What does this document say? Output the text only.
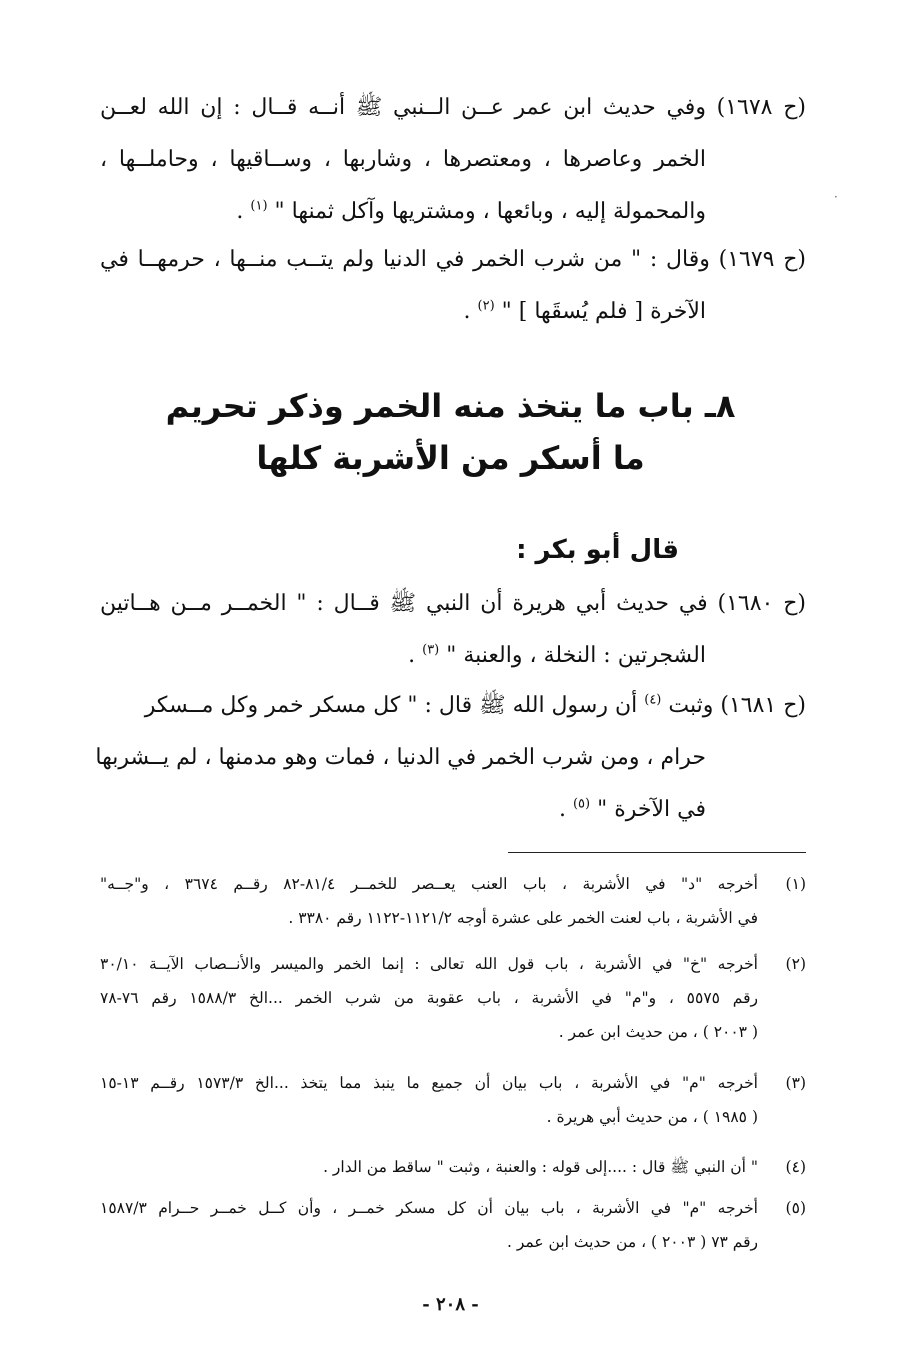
(ح ١٦٧٨) وفي حديث ابن عمر عــن الــنبي ﷺ أنــه قــال : إن الله لعــن
الخمر وعاصرها ، ومعتصرها ، وشاربها ، وســاقيها ، وحاملــها ،
والمحمولة إليه ، وبائعها ، ومشتريها وآكل ثمنها " $^{(١)}$ .
(ح ١٦٧٩) وقال : " من شرب الخمر في الدنيا ولم يتــب منــها ، حرمهــا في
الآخرة [ فلم يُسقَها ] " $^{(٢)}$ .
٨ـ باب ما يتخذ منه الخمر وذكر تحريم
ما أسكر من الأشربة كلها
قال أبو بكر :
(ح ١٦٨٠) في حديث أبي هريرة أن النبي ﷺ قــال : " الخمــر مــن هــاتين
الشجرتين : النخلة ، والعنبة " $^{(٣)}$ .
(ح ١٦٨١) وثبت $^{(٤)}$ أن رسول الله ﷺ قال : " كل مسكر خمر وكل مــسكر
حرام ، ومن شرب الخمر في الدنيا ، فمات وهو مدمنها ، لم يــشربها
في الآخرة " $^{(٥)}$ .
(١)
أخرجه "د" في الأشربة ، باب العنب يعــصر للخمــر ٨١/٤-٨٢ رقــم ٣٦٧٤ ، و"جــه"
في الأشربة ، باب لعنت الخمر على عشرة أوجه ١١٢١/٢-١١٢٢ رقم ٣٣٨٠ .
(٢)
أخرجه "خ" في الأشربة ، باب قول الله تعالى : إنما الخمر والميسر والأنــصاب الآيــة ٣٠/١٠
رقم ٥٥٧٥ ، و"م" في الأشربة ، باب عقوبة من شرب الخمر ...الخ ١٥٨٨/٣ رقم ٧٦-٧٨
( ٢٠٠٣ ) ، من حديث ابن عمر .
(٣)
أخرجه "م" في الأشربة ، باب بيان أن جميع ما ينبذ مما يتخذ ...الخ ١٥٧٣/٣ رقــم ١٣-١٥
( ١٩٨٥ ) ، من حديث أبي هريرة .
(٤)
" أن النبي ﷺ قال : ....إلى قوله : والعنبة ، وثبت " ساقط من الدار .
(٥)
أخرجه "م" في الأشربة ، باب بيان أن كل مسكر خمــر ، وأن كــل خمــر حــرام ١٥٨٧/٣
رقم ٧٣ ( ٢٠٠٣ ) ، من حديث ابن عمر .
- ٢٠٨ -
·
